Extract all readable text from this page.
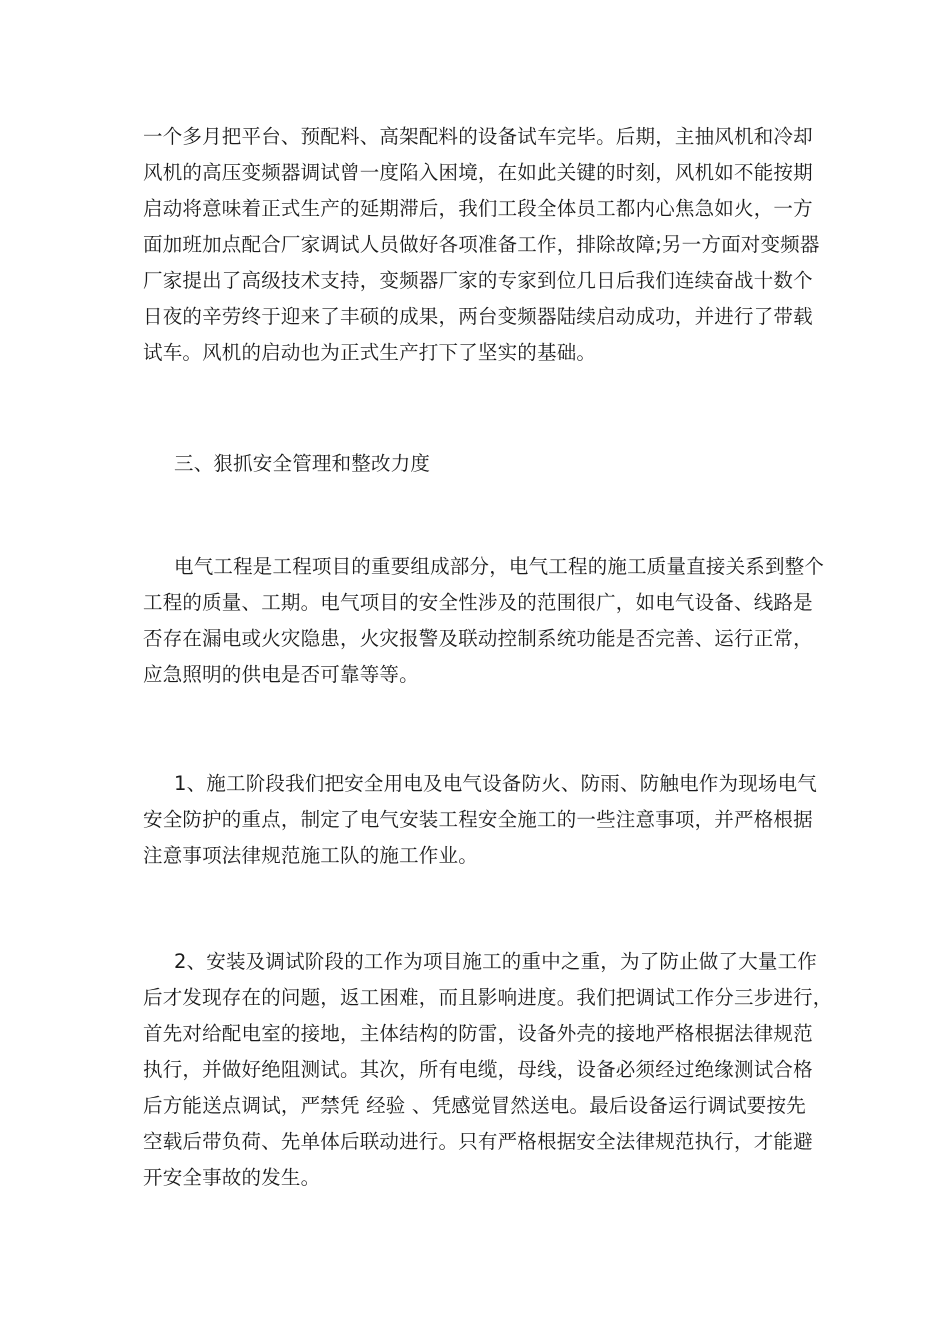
一个多月把平台、预配料、高架配料的设备试车完毕。后期，主抽风机和冷却
风机的高压变频器调试曾一度陷入困境，在如此关键的时刻，风机如不能按期
启动将意味着正式生产的延期滞后，我们工段全体员工都内心焦急如火，一方
面加班加点配合厂家调试人员做好各项准备工作，排除故障;另一方面对变频器
厂家提出了高级技术支持，变频器厂家的专家到位几日后我们连续奋战十数个
日夜的辛劳终于迎来了丰硕的成果，两台变频器陆续启动成功，并进行了带载
试车。风机的启动也为正式生产打下了坚实的基础。
三、狠抓安全管理和整改力度
电气工程是工程项目的重要组成部分，电气工程的施工质量直接关系到整个
工程的质量、工期。电气项目的安全性涉及的范围很广，如电气设备、线路是
否存在漏电或火灾隐患，火灾报警及联动控制系统功能是否完善、运行正常，
应急照明的供电是否可靠等等。
1、施工阶段我们把安全用电及电气设备防火、防雨、防触电作为现场电气
安全防护的重点，制定了电气安装工程安全施工的一些注意事项，并严格根据
注意事项法律规范施工队的施工作业。
2、安装及调试阶段的工作为项目施工的重中之重，为了防止做了大量工作
后才发现存在的问题，返工困难，而且影响进度。我们把调试工作分三步进行，
首先对给配电室的接地，主体结构的防雷，设备外壳的接地严格根据法律规范
执行，并做好绝阻测试。其次，所有电缆，母线，设备必须经过绝缘测试合格
后方能送点调试，严禁凭 经验 、凭感觉冒然送电。最后设备运行调试要按先
空载后带负荷、先单体后联动进行。只有严格根据安全法律规范执行，才能避
开安全事故的发生。
